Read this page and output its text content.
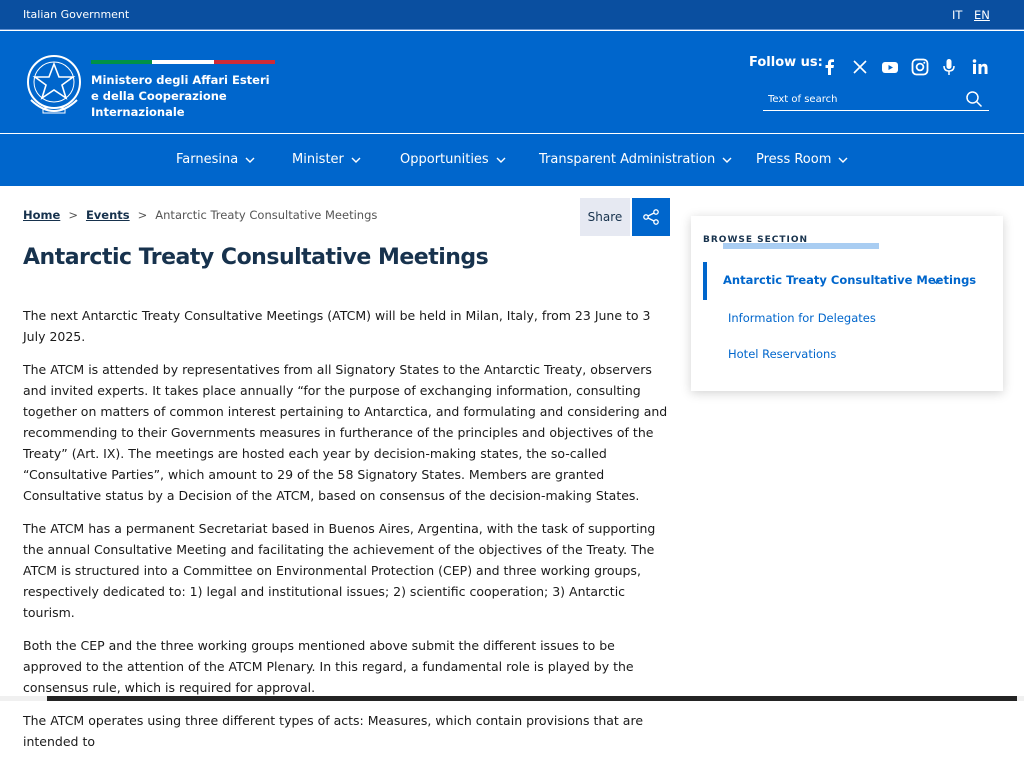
Italian Government	IT EN
Ministero degli Affari Esteri
e della Cooperazione Internazionale
Follow us:
Text of search
Farnesina	Minister	Opportunities	Transparent Administration	Press Room
Home > Events > Antarctic Treaty Consultative Meetings	Share
Antarctic Treaty Consultative Meetings

The next Antarctic Treaty Consultative Meetings (ATCM) will be held in Milan, Italy, from 23 June to 3 July 2025.

The ATCM is attended by representatives from all Signatory States to the Antarctic Treaty, observers and invited experts. It takes place annually “for the purpose of exchanging information, consulting together on matters of common interest pertaining to Antarctica, and formulating and considering and recommending to their Governments measures in furtherance of the principles and objectives of the Treaty” (Art. IX). The meetings are hosted each year by decision-making states, the so-called “Consultative Parties”, which amount to 29 of the 58 Signatory States. Members are granted Consultative status by a Decision of the ATCM, based on consensus of the decision-making States.

The ATCM has a permanent Secretariat based in Buenos Aires, Argentina, with the task of supporting the annual Consultative Meeting and facilitating the achievement of the objectives of the Treaty. The ATCM is structured into a Committee on Environmental Protection (CEP) and three working groups, respectively dedicated to: 1) legal and institutional issues; 2) scientific cooperation; 3) Antarctic tourism.

Both the CEP and the three working groups mentioned above submit the different issues to be approved to the attention of the ATCM Plenary. In this regard, a fundamental role is played by the consensus rule, which is required for approval.

The ATCM operates using three different types of acts: Measures, which contain provisions that are intended to

BROWSE SECTION
Antarctic Treaty Consultative Meetings
Information for Delegates
Hotel Reservations
